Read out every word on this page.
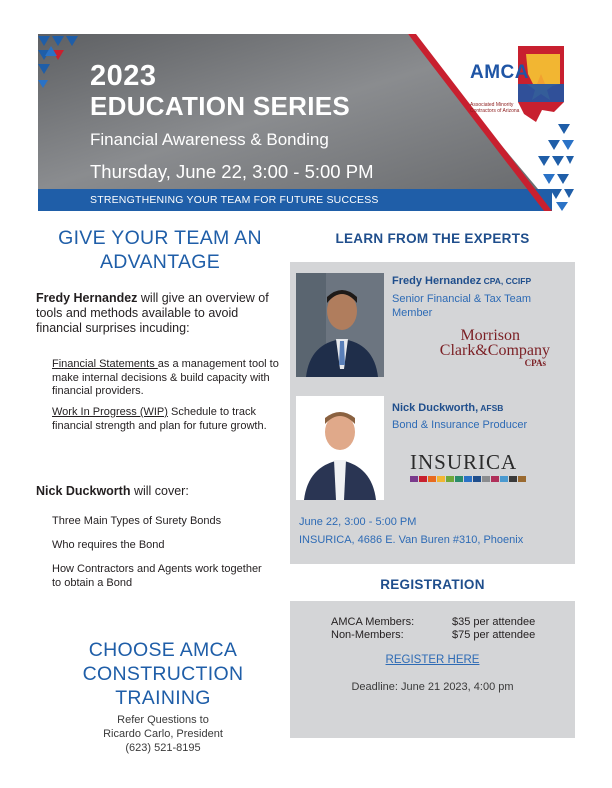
2023
EDUCATION SERIES
Financial Awareness & Bonding
Thursday, June 22, 3:00 - 5:00 PM
STRENGTHENING YOUR TEAM FOR FUTURE SUCCESS
AMCA
Associated Minority Contractors of Arizona
GIVE YOUR TEAM AN ADVANTAGE
Fredy Hernandez will give an overview of tools and methods available to avoid financial surprises incuding:
Financial Statements as a management tool to make internal decisions & build capacity with financial providers.
Work In Progress (WIP) Schedule to track financial strength and plan for future growth.
Nick Duckworth will cover:
Three Main Types of Surety Bonds
Who requires the Bond
How Contractors and Agents work together to obtain a Bond
CHOOSE AMCA CONSTRUCTION TRAINING
Refer Questions to
Ricardo Carlo, President
(623) 521-8195
LEARN FROM THE EXPERTS
Fredy Hernandez CPA, CCIFP
Senior Financial & Tax Team Member
Morrison
Clark&Company
CPAs
Nick Duckworth, AFSB
Bond & Insurance Producer
INSURICA
June 22, 3:00 - 5:00 PM
INSURICA, 4686 E. Van Buren #310, Phoenix
REGISTRATION
AMCA Members:	$35 per attendee
Non-Members:	$75 per attendee
REGISTER HERE
Deadline: June 21 2023, 4:00 pm
